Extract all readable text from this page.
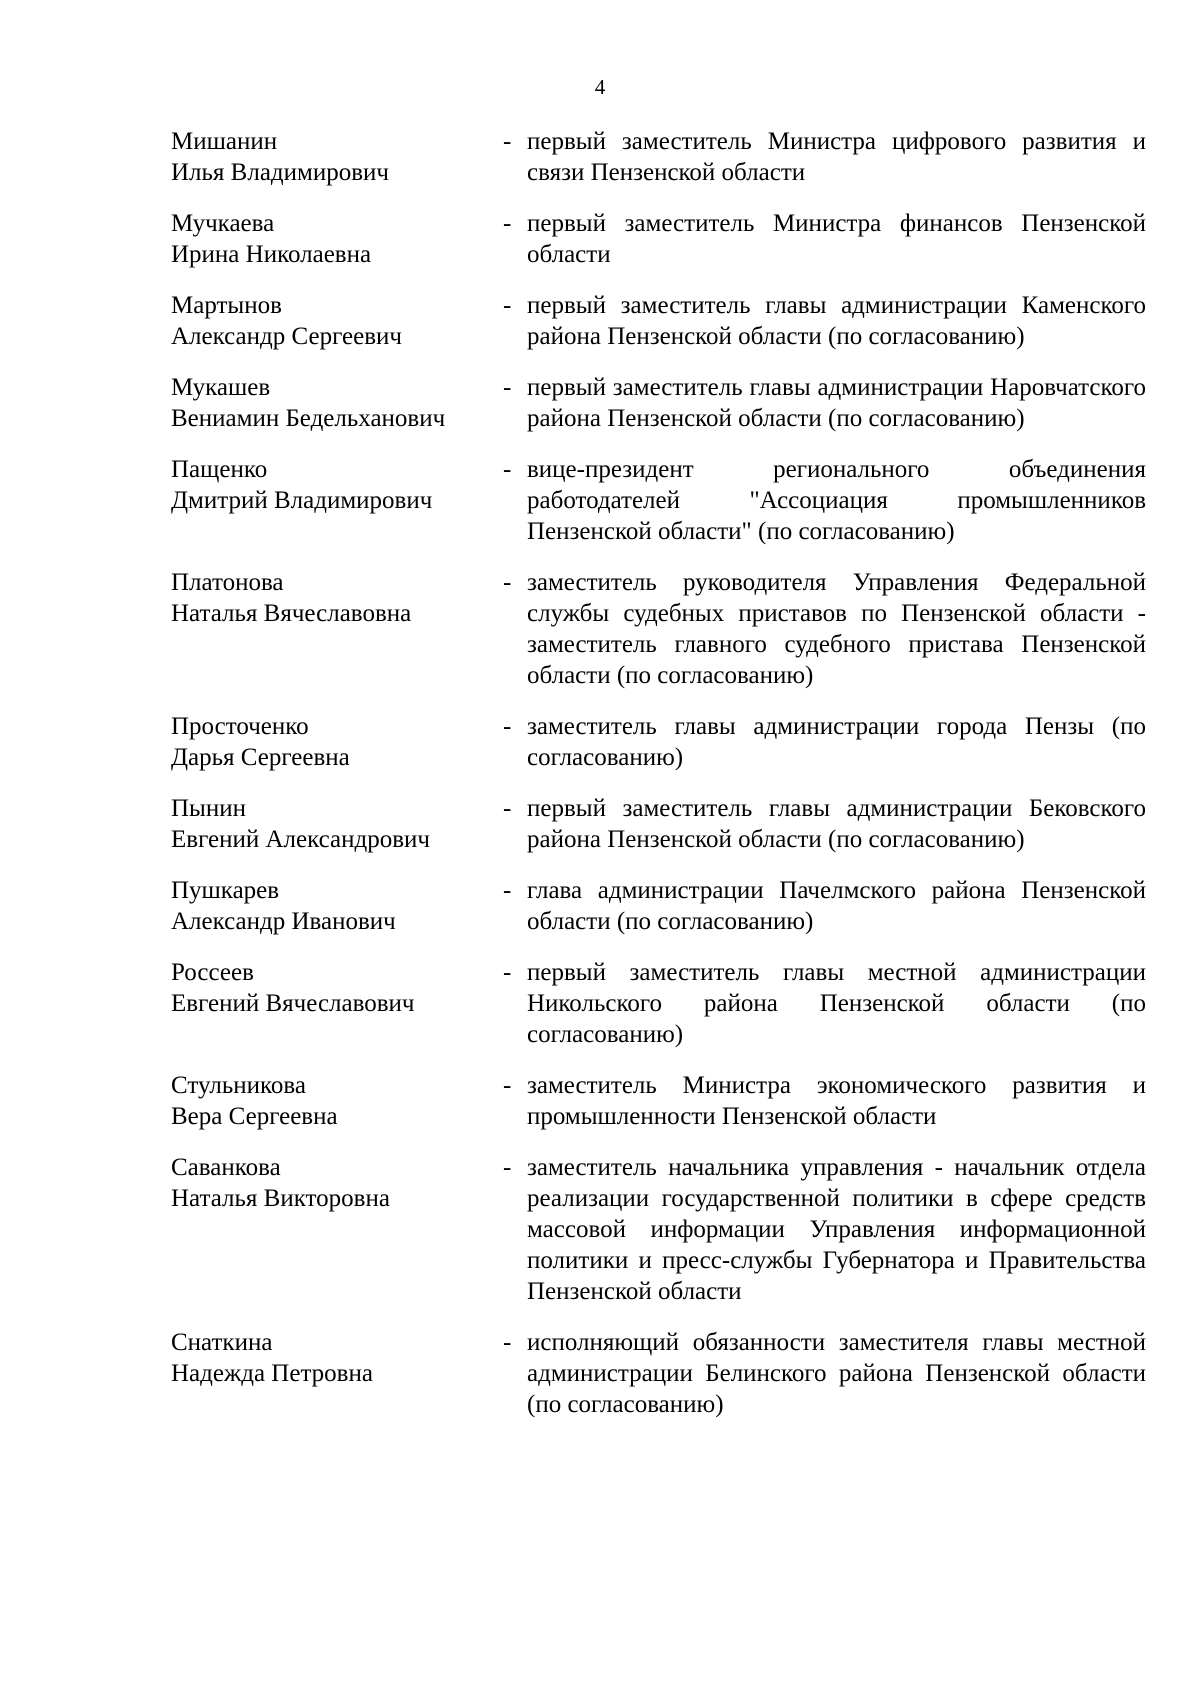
4
Мишанин
Илья Владимирович
- первый заместитель Министра цифрового развития и связи Пензенской области
Мучкаева
Ирина Николаевна
- первый заместитель Министра финансов Пензенской области
Мартынов
Александр Сергеевич
- первый заместитель главы администрации Каменского района Пензенской области (по согласованию)
Мукашев
Вениамин Бедельханович
- первый заместитель главы администрации Наровчатского района Пензенской области (по согласованию)
Пащенко
Дмитрий Владимирович
- вице-президент регионального объединения работодателей "Ассоциация промышленников Пензенской области" (по согласованию)
Платонова
Наталья Вячеславовна
- заместитель руководителя Управления Федеральной службы судебных приставов по Пензенской области - заместитель главного судебного пристава Пензенской области (по согласованию)
Просточенко
Дарья Сергеевна
- заместитель главы администрации города Пензы (по согласованию)
Пынин
Евгений Александрович
- первый заместитель главы администрации Бековского района Пензенской области (по согласованию)
Пушкарев
Александр Иванович
- глава администрации Пачелмского района Пензенской области (по согласованию)
Россеев
Евгений Вячеславович
- первый заместитель главы местной администрации Никольского района Пензенской области (по согласованию)
Стульникова
Вера Сергеевна
- заместитель Министра экономического развития и промышленности Пензенской области
Саванкова
Наталья Викторовна
- заместитель начальника управления - начальник отдела реализации государственной политики в сфере средств массовой информации Управления информационной политики и пресс-службы Губернатора и Правительства Пензенской области
Снаткина
Надежда Петровна
- исполняющий обязанности заместителя главы местной администрации Белинского района Пензенской области (по согласованию)
